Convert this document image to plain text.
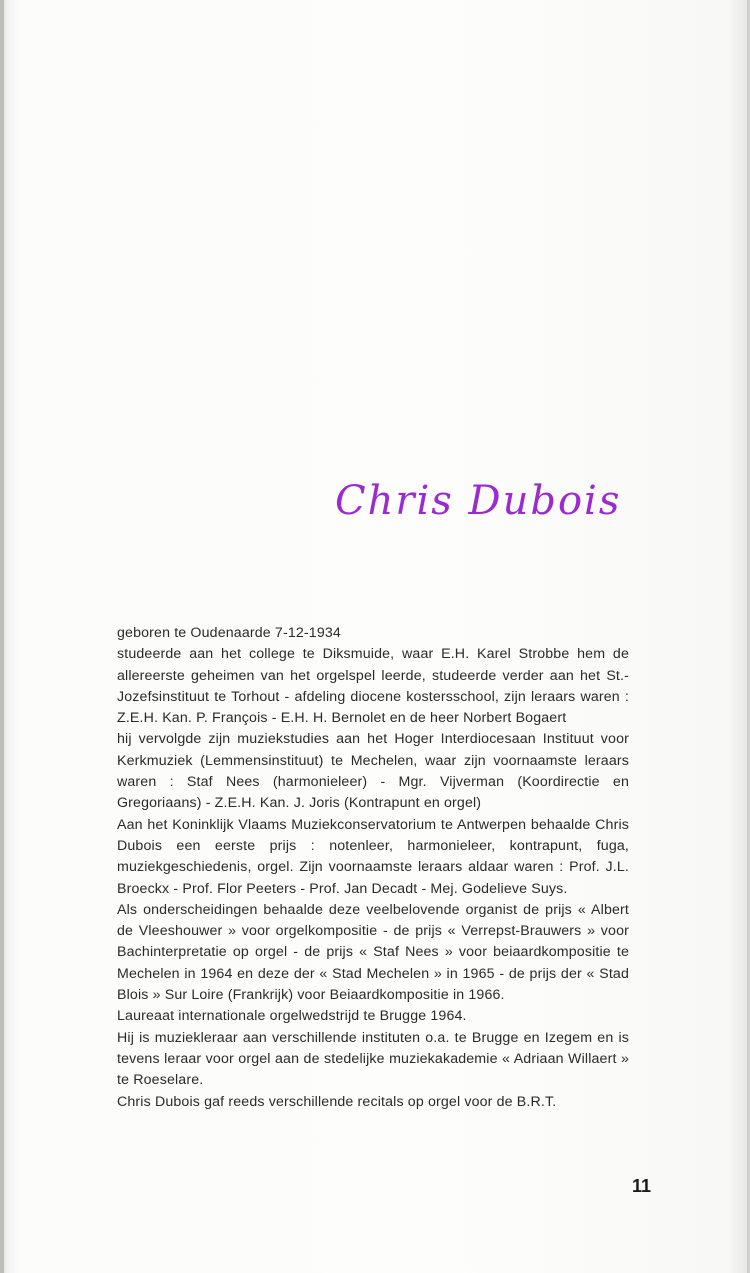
Chris Dubois

geboren te Oudenaarde 7-12-1934

studeerde aan het college te Diksmuide, waar E.H. Karel Strobbe hem de allereerste geheimen van het orgelspel leerde, studeerde verder aan het St.-Jozefsinstituut te Torhout - afdeling diocene kostersschool, zijn leraars waren : Z.E.H. Kan. P. François - E.H. H. Bernolet en de heer Norbert Bogaert

hij vervolgde zijn muziekstudies aan het Hoger Interdiocesaan Instituut voor Kerkmuziek (Lemmensinstituut) te Mechelen, waar zijn voornaamste leraars waren : Staf Nees (harmonieleer) - Mgr. Vijverman (Koordirectie en Gregoriaans) - Z.E.H. Kan. J. Joris (Kontrapunt en orgel)

Aan het Koninklijk Vlaams Muziekconservatorium te Antwerpen behaalde Chris Dubois een eerste prijs : notenleer, harmonieleer, kontrapunt, fuga, muziekgeschiedenis, orgel. Zijn voornaamste leraars aldaar waren : Prof. J.L. Broeckx - Prof. Flor Peeters - Prof. Jan Decadt - Mej. Godelieve Suys.

Als onderscheidingen behaalde deze veelbelovende organist de prijs « Albert de Vleeshouwer » voor orgelkompositie - de prijs « Verrepst-Brauwers » voor Bachinterpretatie op orgel - de prijs « Staf Nees » voor beiaardkompositie te Mechelen in 1964 en deze der « Stad Mechelen » in 1965 - de prijs der « Stad Blois » Sur Loire (Frankrijk) voor Beiaardkompositie in 1966.

Laureaat internationale orgelwedstrijd te Brugge 1964.

Hij is muziekleraar aan verschillende instituten o.a. te Brugge en Izegem en is tevens leraar voor orgel aan de stedelijke muziekakademie « Adriaan Willaert » te Roeselare.

Chris Dubois gaf reeds verschillende recitals op orgel voor de B.R.T.

11
